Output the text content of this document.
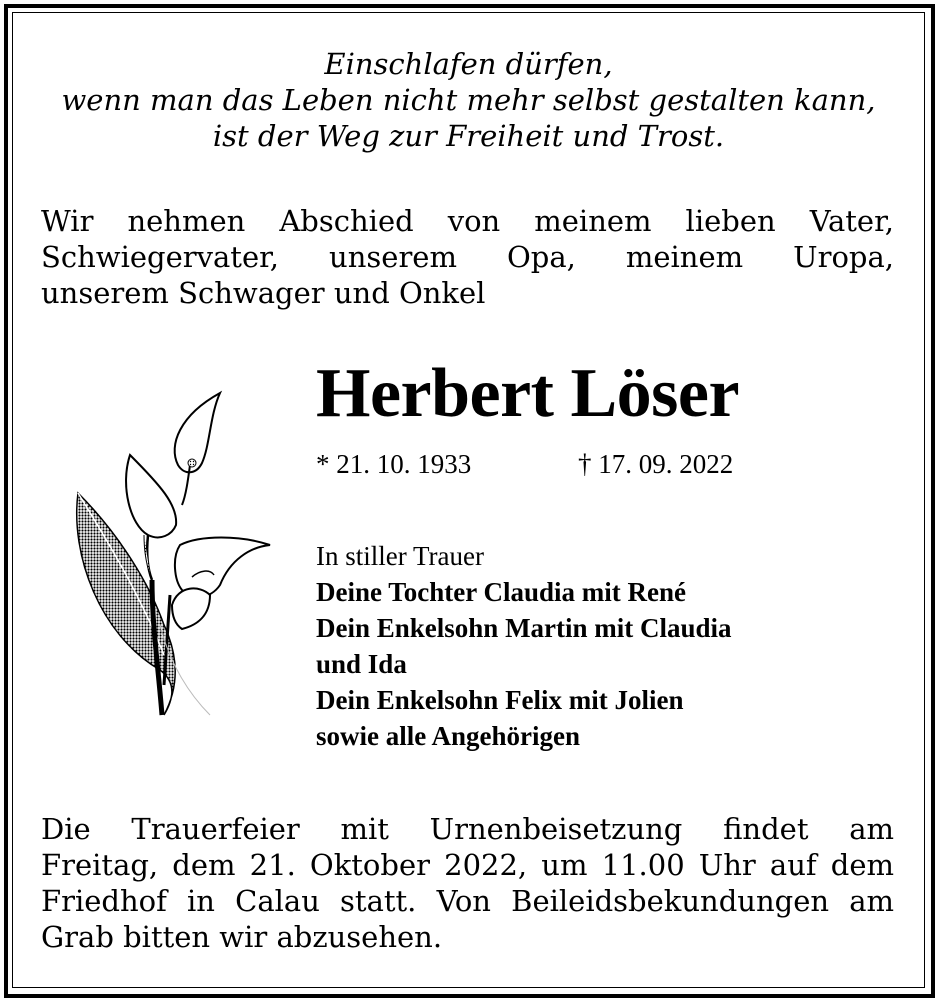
Einschlafen dürfen,
wenn man das Leben nicht mehr selbst gestalten kann,
ist der Weg zur Freiheit und Trost.
Wir nehmen Abschied von meinem lieben Vater,
Schwiegervater, unserem Opa, meinem Uropa,
unserem Schwager und Onkel
Herbert Löser
* 21. 10. 1933	† 17. 09. 2022
In stiller Trauer
Deine Tochter Claudia mit René
Dein Enkelsohn Martin mit Claudia
und Ida
Dein Enkelsohn Felix mit Jolien
sowie alle Angehörigen
Die Trauerfeier mit Urnenbeisetzung findet am
Freitag, dem 21. Oktober 2022, um 11.00 Uhr auf dem
Friedhof in Calau statt. Von Beileidsbekundungen am
Grab bitten wir abzusehen.
